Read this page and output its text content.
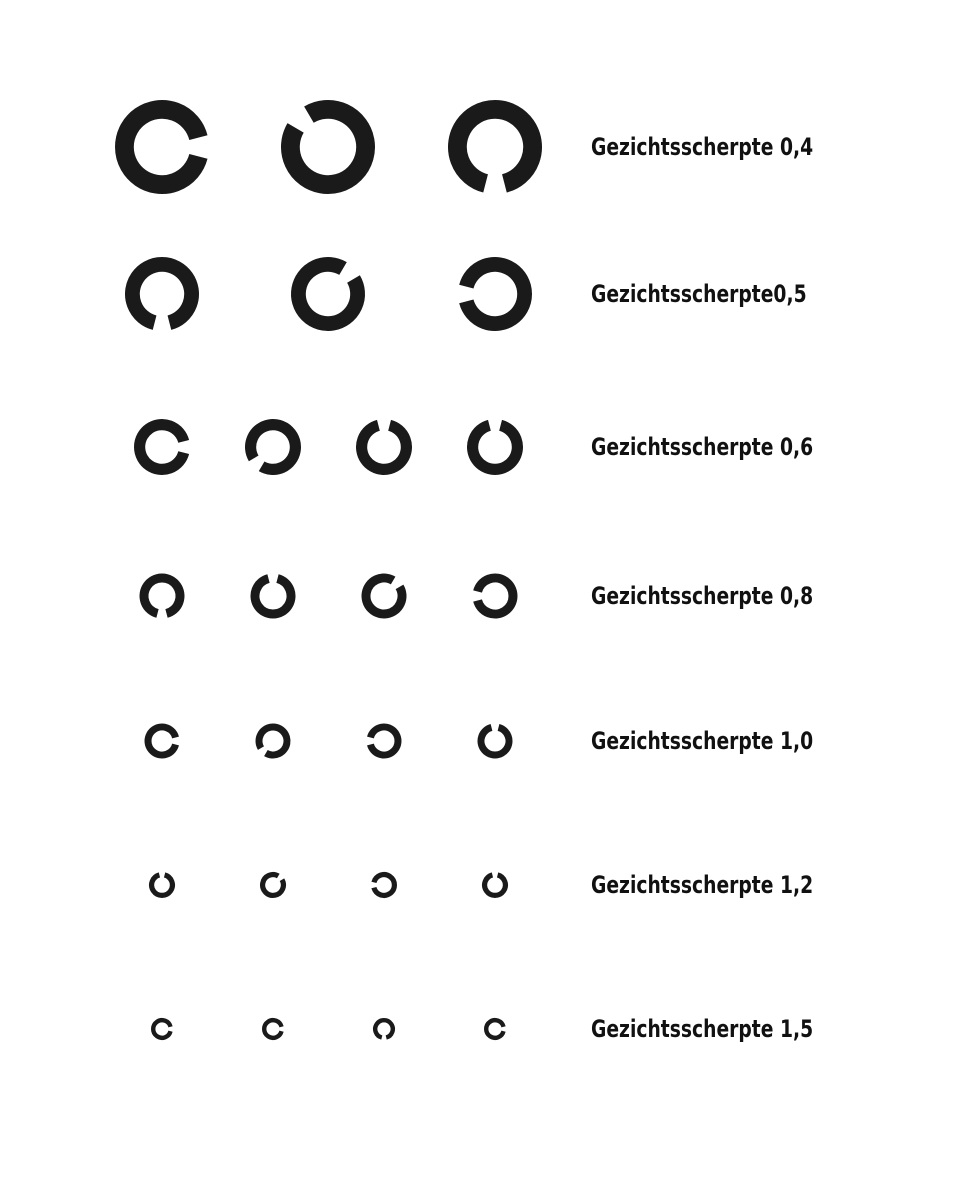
Gezichtsscherpte 0,4
Gezichtsscherpte0,5
Gezichtsscherpte 0,6
Gezichtsscherpte 0,8
Gezichtsscherpte 1,0
Gezichtsscherpte 1,2
Gezichtsscherpte 1,5
